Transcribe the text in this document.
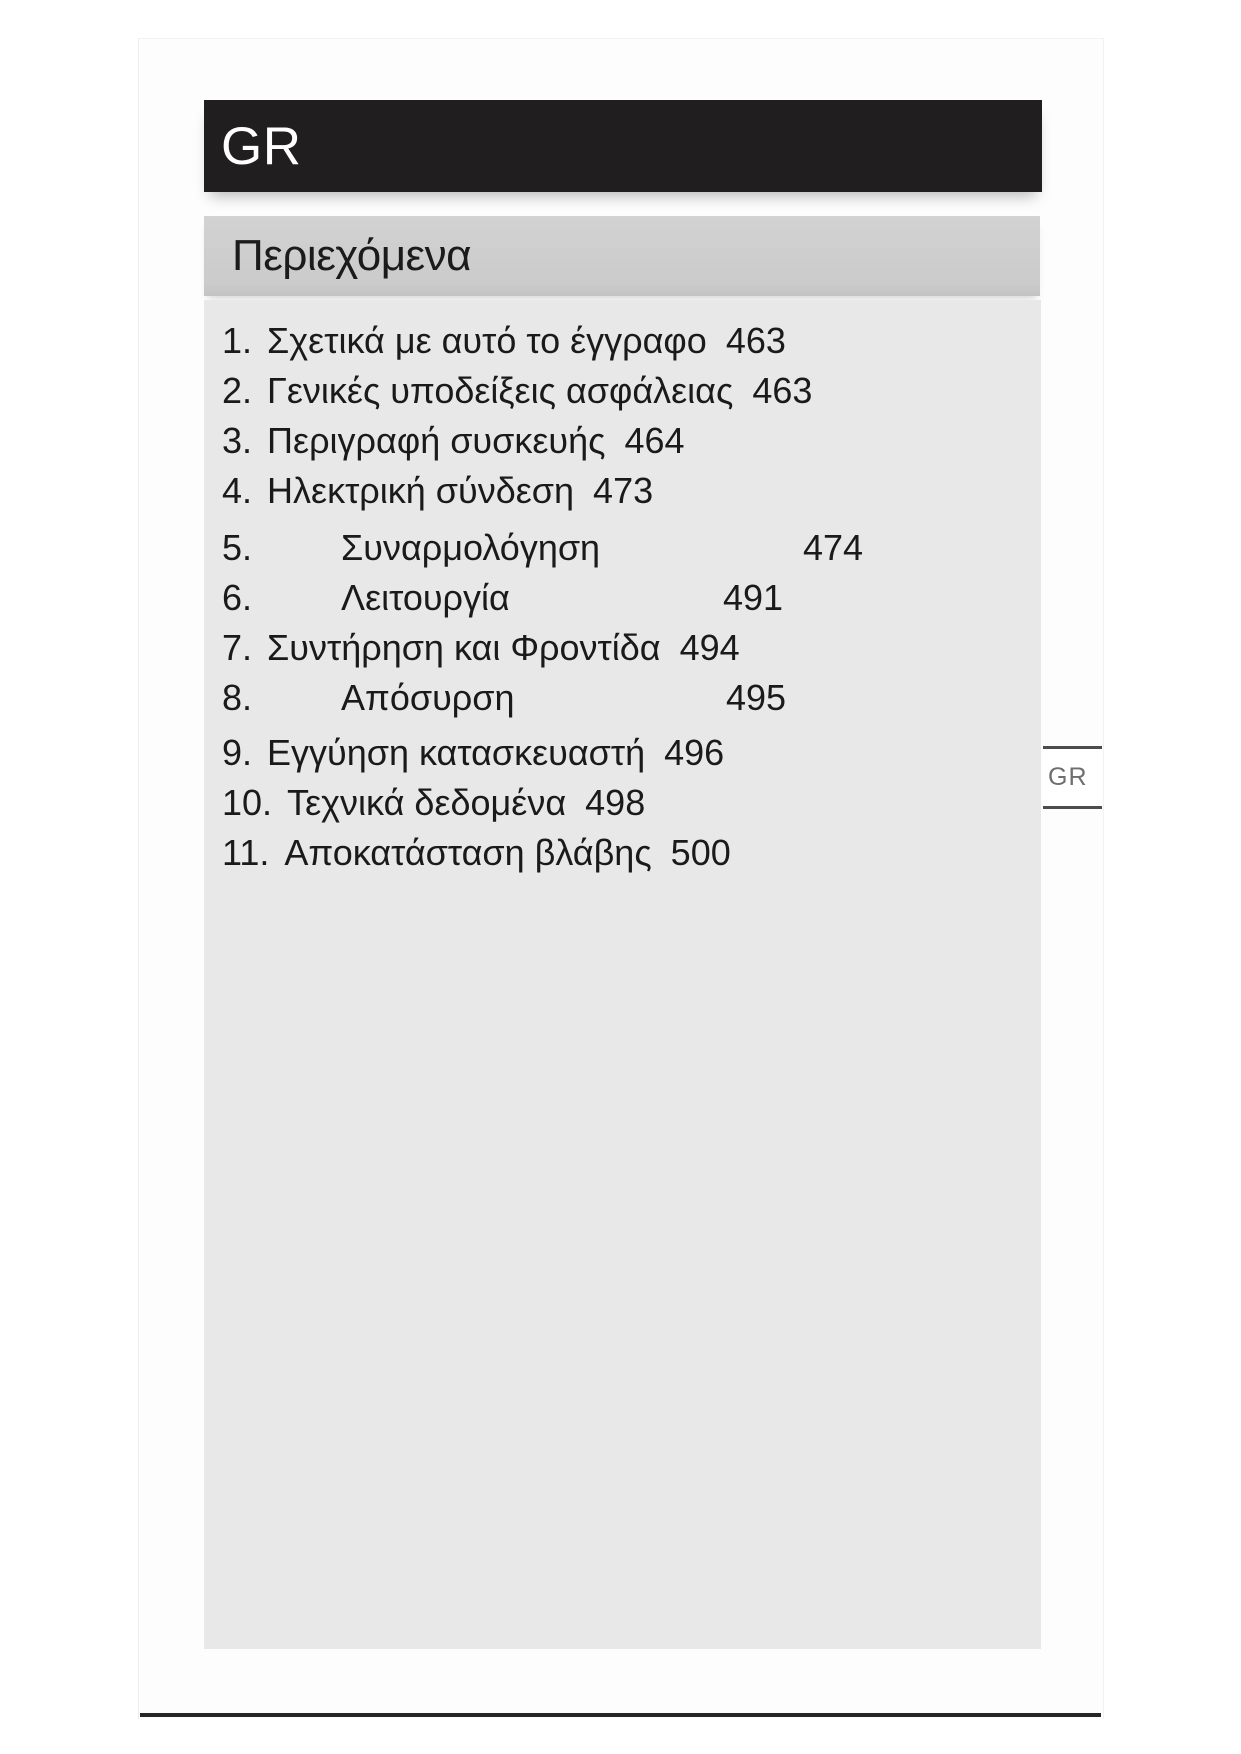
GR
Περιεχόμενα
1. Σχετικά με αυτό το έγγραφο 463
2. Γενικές υποδείξεις ασφάλειας 463
3. Περιγραφή συσκευής 464
4. Ηλεκτρική σύνδεση 473
5. Συναρμολόγηση	474
6. Λειτουργία	491
7. Συντήρηση και Φροντίδα 494
8. Απόσυρση	495
9. Εγγύηση κατασκευαστή 496
10. Τεχνικά δεδομένα 498
11. Αποκατάσταση βλάβης 500
GR
